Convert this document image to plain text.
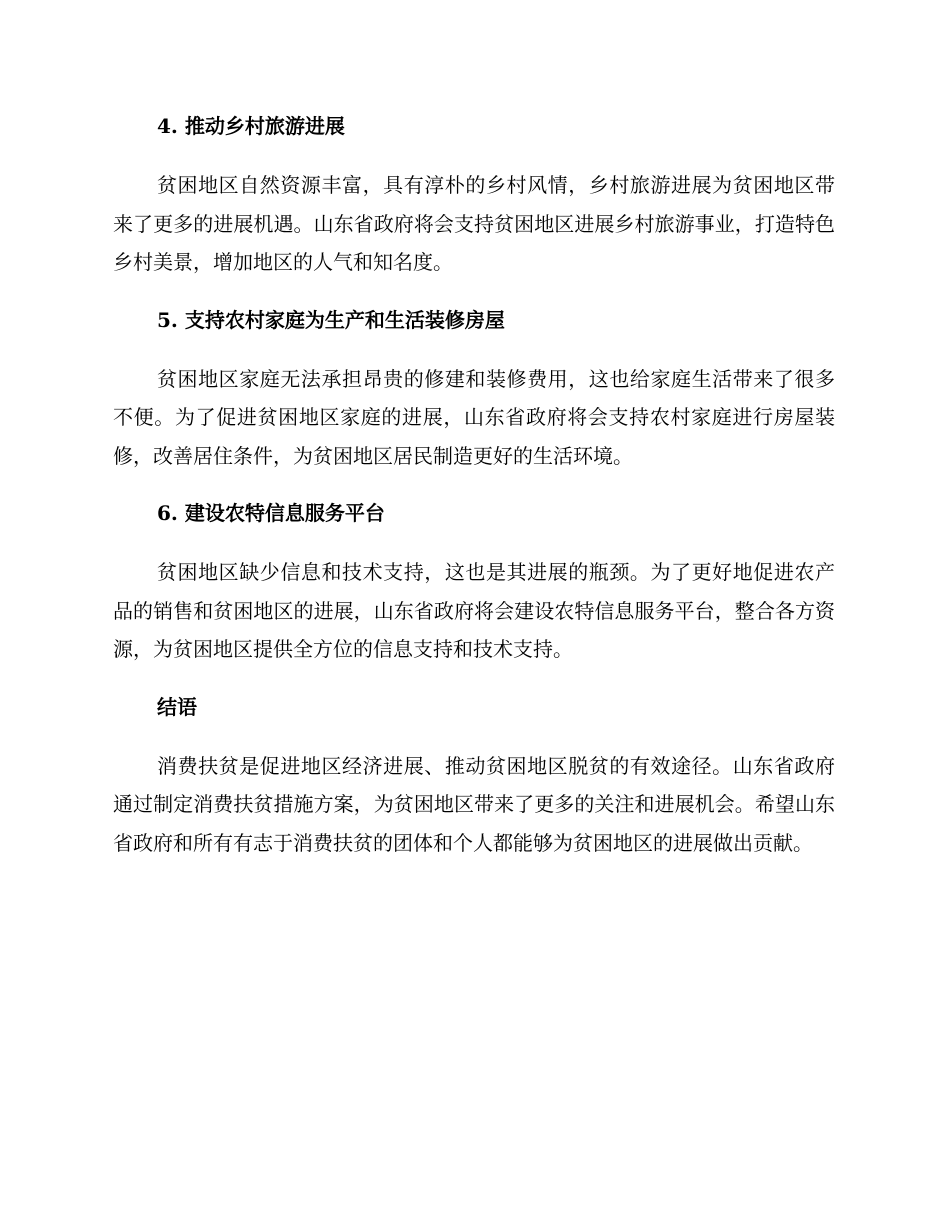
4. 推动乡村旅游进展

贫困地区自然资源丰富，具有淳朴的乡村风情，乡村旅游进展为贫困地区带来了更多的进展机遇。山东省政府将会支持贫困地区进展乡村旅游事业，打造特色乡村美景，增加地区的人气和知名度。

5. 支持农村家庭为生产和生活装修房屋

贫困地区家庭无法承担昂贵的修建和装修费用，这也给家庭生活带来了很多不便。为了促进贫困地区家庭的进展，山东省政府将会支持农村家庭进行房屋装修，改善居住条件，为贫困地区居民制造更好的生活环境。

6. 建设农特信息服务平台

贫困地区缺少信息和技术支持，这也是其进展的瓶颈。为了更好地促进农产品的销售和贫困地区的进展，山东省政府将会建设农特信息服务平台，整合各方资源，为贫困地区提供全方位的信息支持和技术支持。

结语

消费扶贫是促进地区经济进展、推动贫困地区脱贫的有效途径。山东省政府通过制定消费扶贫措施方案，为贫困地区带来了更多的关注和进展机会。希望山东省政府和所有有志于消费扶贫的团体和个人都能够为贫困地区的进展做出贡献。
